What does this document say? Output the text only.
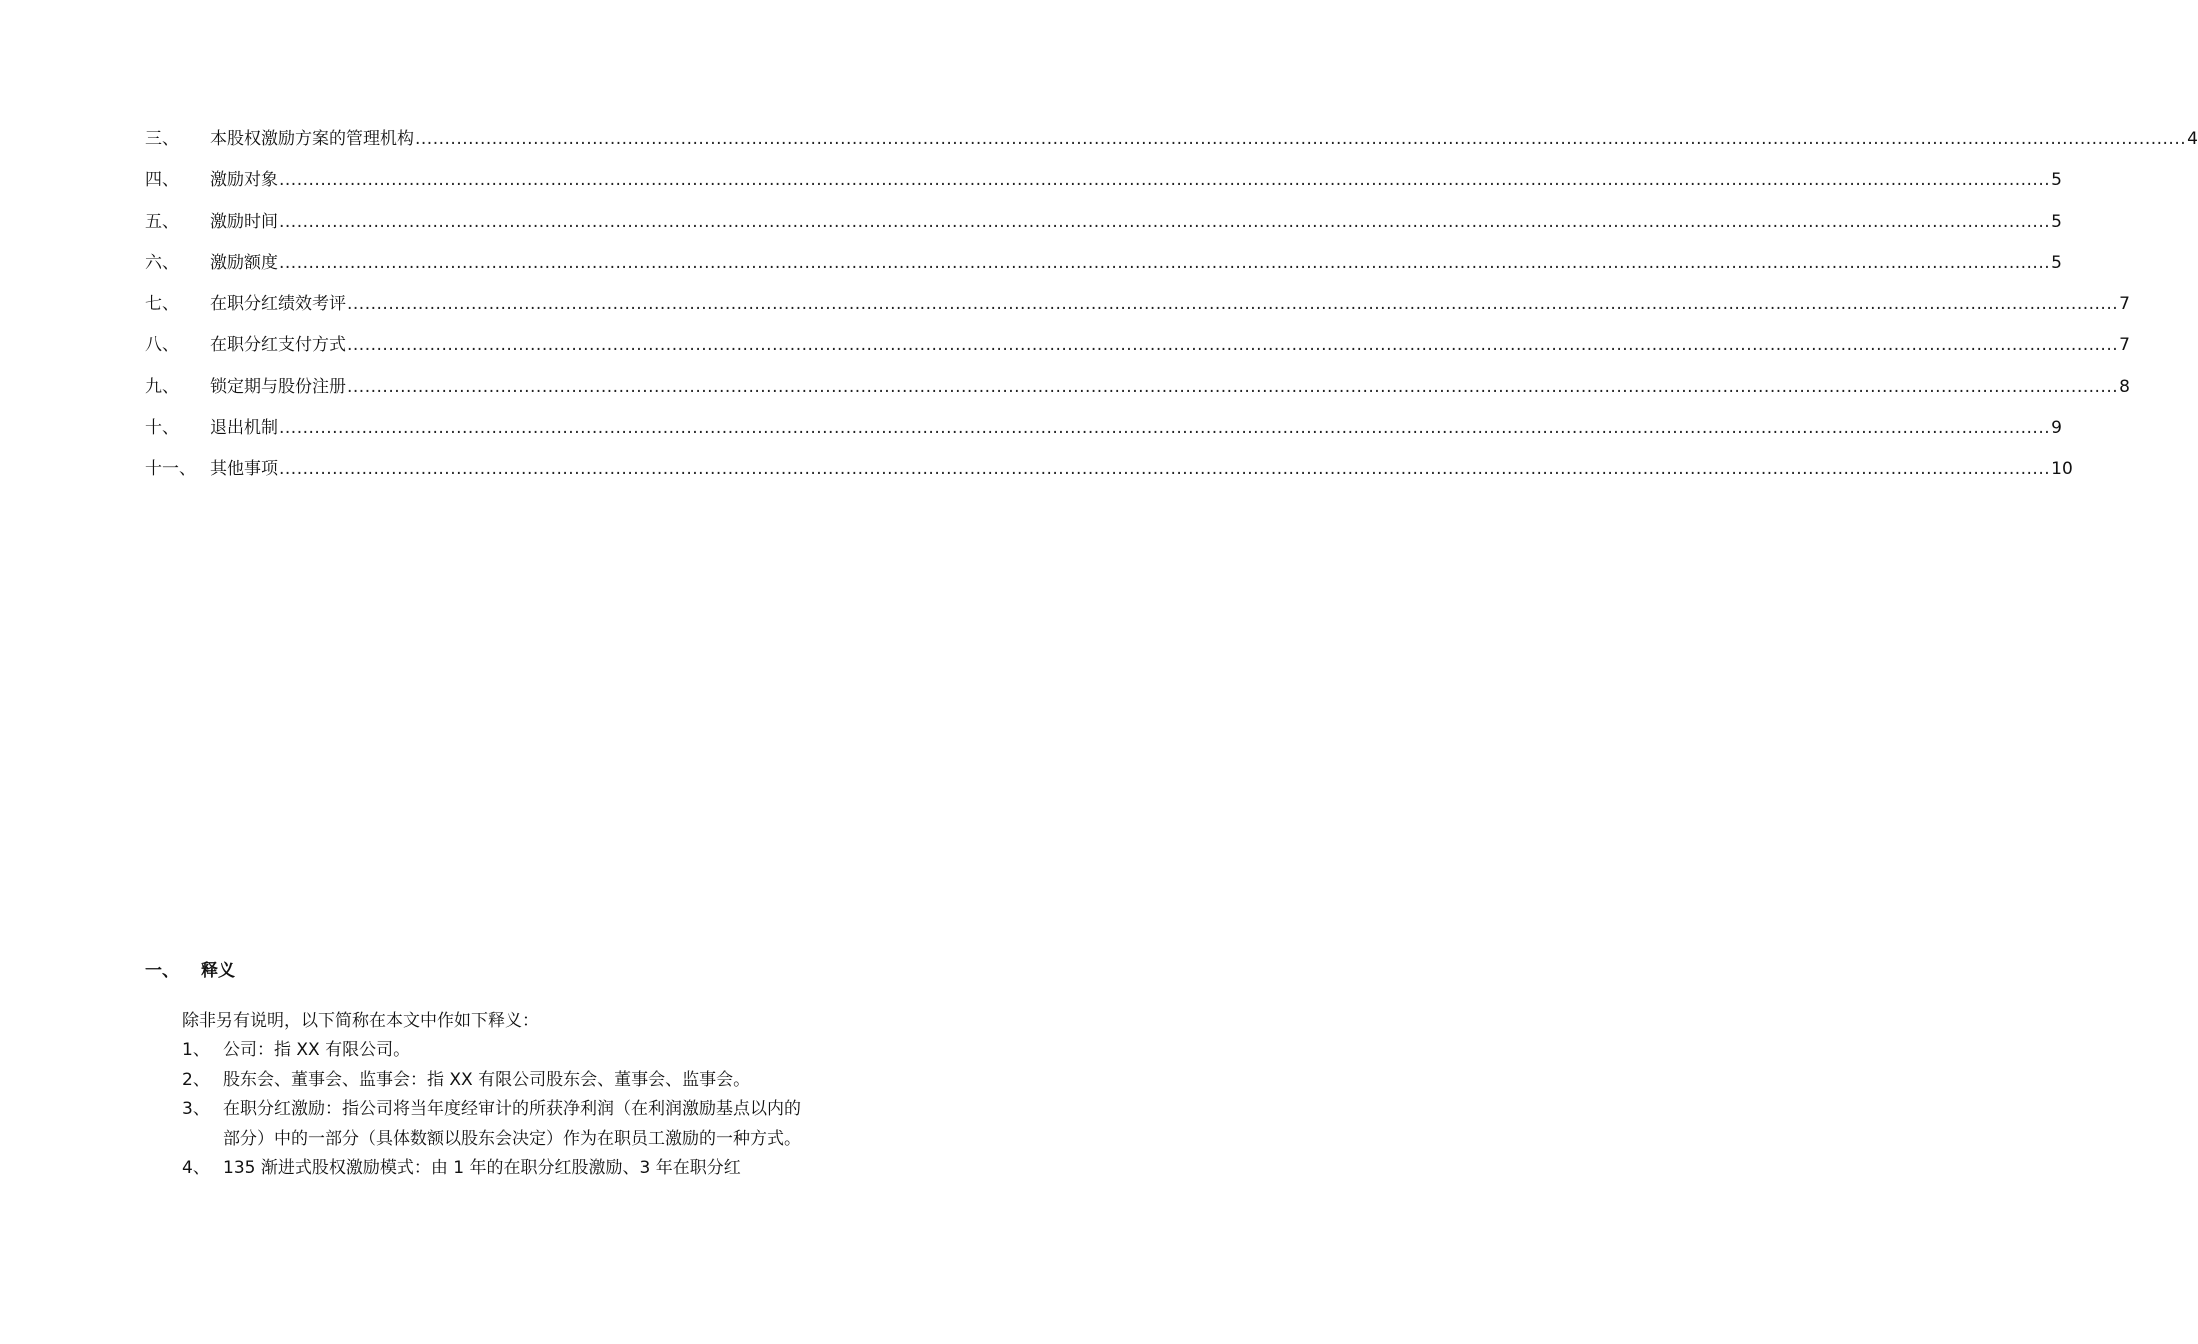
三、	本股权激励方案的管理机构 ............................................................................................................................................................................................................................................................................................................ 4
四、	激励对象 ............................................................................................................................................................................................................................................................................................................ 5
五、	激励时间 ............................................................................................................................................................................................................................................................................................................ 5
六、	激励额度 ............................................................................................................................................................................................................................................................................................................ 5
七、	在职分红绩效考评 ............................................................................................................................................................................................................................................................................................................ 7
八、	在职分红支付方式 ............................................................................................................................................................................................................................................................................................................ 7
九、	锁定期与股份注册 ............................................................................................................................................................................................................................................................................................................ 8
十、	退出机制 ............................................................................................................................................................................................................................................................................................................ 9
十一、 其他事项 ............................................................................................................................................................................................................................................................................................................ 10
一、	释义
除非另有说明，以下简称在本文中作如下释义：
1、 公司：指 XX 有限公司。
2、 股东会、董事会、监事会：指 XX 有限公司股东会、董事会、监事会。
3、 在职分红激励：指公司将当年度经审计的所获净利润（在利润激励基点以内的部分）中的一部分（具体数额以股东会决定）作为在职员工激励的一种方式。
4、 135 渐进式股权激励模式：由 1 年的在职分红股激励、3 年在职分红
